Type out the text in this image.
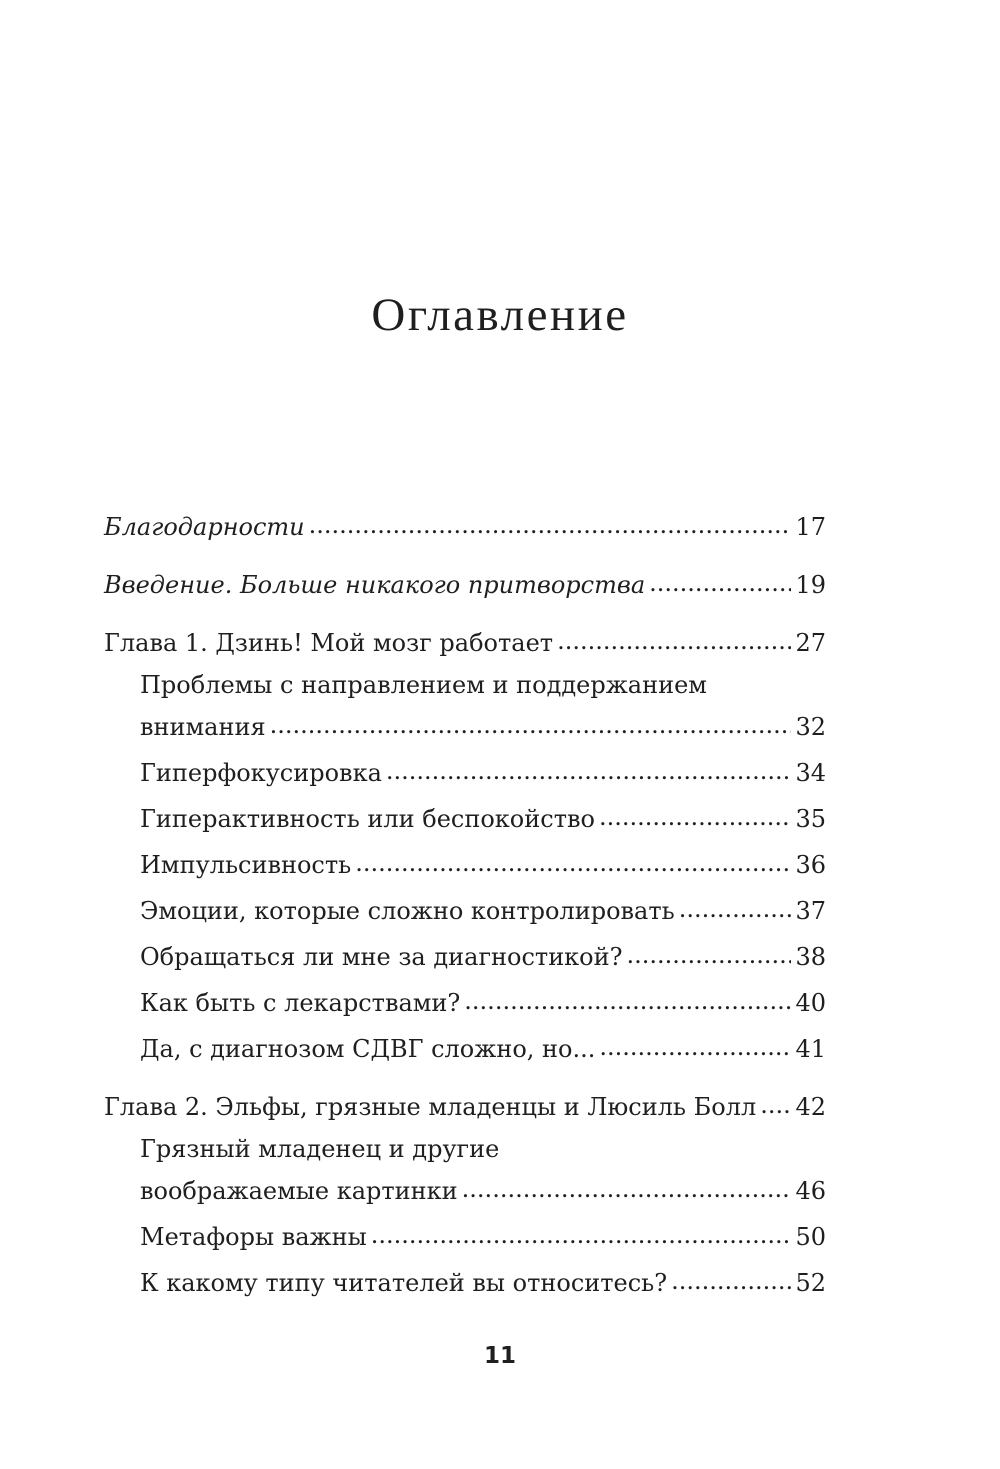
Оглавление
Благодарности .....	17
Введение. Больше никакого притворства .....	19
Глава 1. Дзинь! Мой мозг работает .....	27
Проблемы с направлением и поддержанием
внимания .....	32
Гиперфокусировка .....	34
Гиперактивность или беспокойство .....	35
Импульсивность .....	36
Эмоции, которые сложно контролировать .....	37
Обращаться ли мне за диагностикой? .....	38
Как быть с лекарствами? .....	40
Да, с диагнозом СДВГ сложно, но... .....	41
Глава 2. Эльфы, грязные младенцы и Люсиль Болл ..... 42
Грязный младенец и другие
воображаемые картинки .....	46
Метафоры важны .....	50
К какому типу читателей вы относитесь? .....	52
11
